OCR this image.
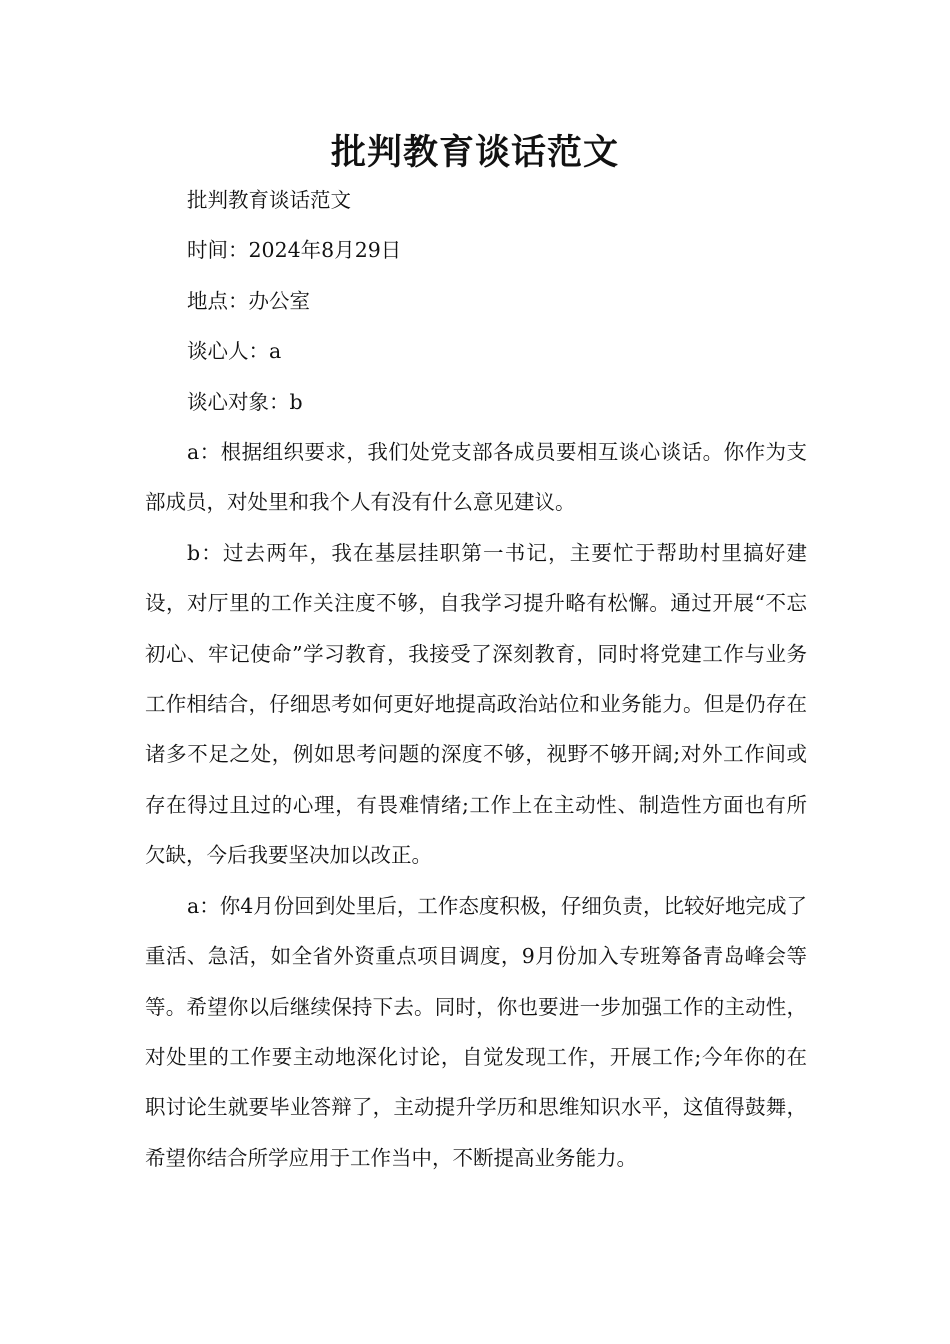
批判教育谈话范文

批判教育谈话范文

时间：2024年8月29日

地点：办公室

谈心人：a

谈心对象：b

a：根据组织要求，我们处党支部各成员要相互谈心谈话。你作为支部成员，对处里和我个人有没有什么意见建议。

b：过去两年，我在基层挂职第一书记，主要忙于帮助村里搞好建设，对厅里的工作关注度不够，自我学习提升略有松懈。通过开展“不忘初心、牢记使命”学习教育，我接受了深刻教育，同时将党建工作与业务工作相结合，仔细思考如何更好地提高政治站位和业务能力。但是仍存在诸多不足之处，例如思考问题的深度不够，视野不够开阔;对外工作间或存在得过且过的心理，有畏难情绪;工作上在主动性、制造性方面也有所欠缺，今后我要坚决加以改正。

a：你4月份回到处里后，工作态度积极，仔细负责，比较好地完成了重活、急活，如全省外资重点项目调度，9月份加入专班筹备青岛峰会等等。希望你以后继续保持下去。同时，你也要进一步加强工作的主动性，对处里的工作要主动地深化讨论，自觉发现工作，开展工作;今年你的在职讨论生就要毕业答辩了，主动提升学历和思维知识水平，这值得鼓舞，希望你结合所学应用于工作当中，不断提高业务能力。
